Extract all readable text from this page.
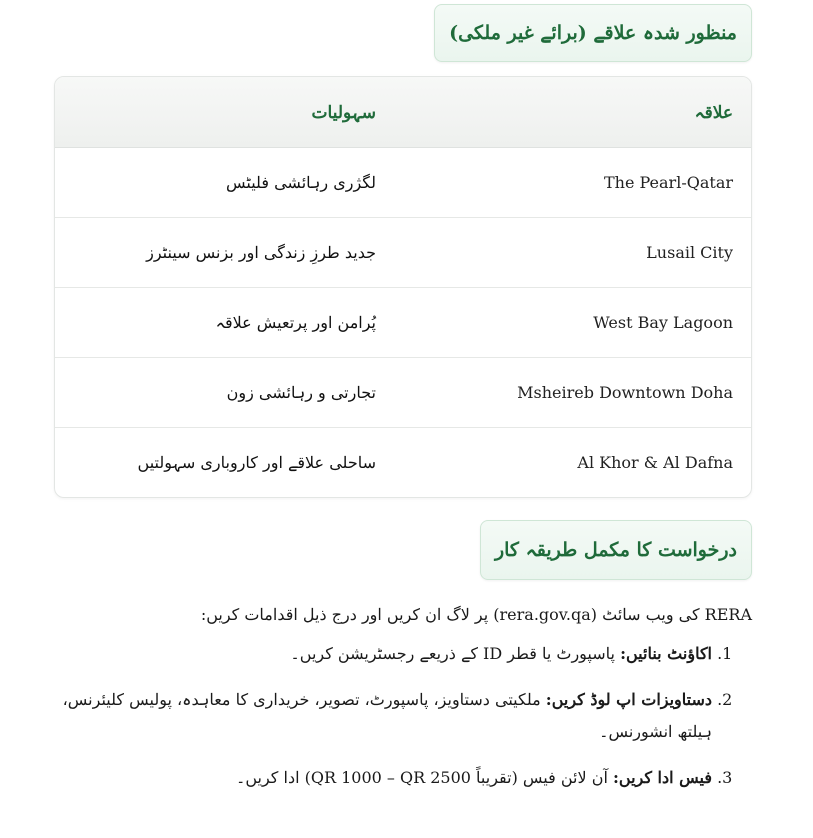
منظور شدہ علاقے (برائے غیر ملکی)
علاقہ	سہولیات
The Pearl-Qatar	لگژری رہائشی فلیٹس
Lusail City	جدید طرزِ زندگی اور بزنس سینٹرز
West Bay Lagoon	پُرامن اور پرتعیش علاقہ
Msheireb Downtown Doha	تجارتی و رہائشی زون
Al Khor & Al Dafna	ساحلی علاقے اور کاروباری سہولتیں
درخواست کا مکمل طریقہ کار
RERA کی ویب سائٹ (rera.gov.qa) پر لاگ ان کریں اور درج ذیل اقدامات کریں:
1. اکاؤنٹ بنائیں: پاسپورٹ یا قطر ID کے ذریعے رجسٹریشن کریں۔
2. دستاویزات اپ لوڈ کریں: ملکیتی دستاویز، پاسپورٹ، تصویر، خریداری کا معاہدہ، پولیس کلیئرنس، ہیلتھ انشورنس۔
3. فیس ادا کریں: آن لائن فیس (تقریباً QR 1000 – QR 2500) ادا کریں۔
